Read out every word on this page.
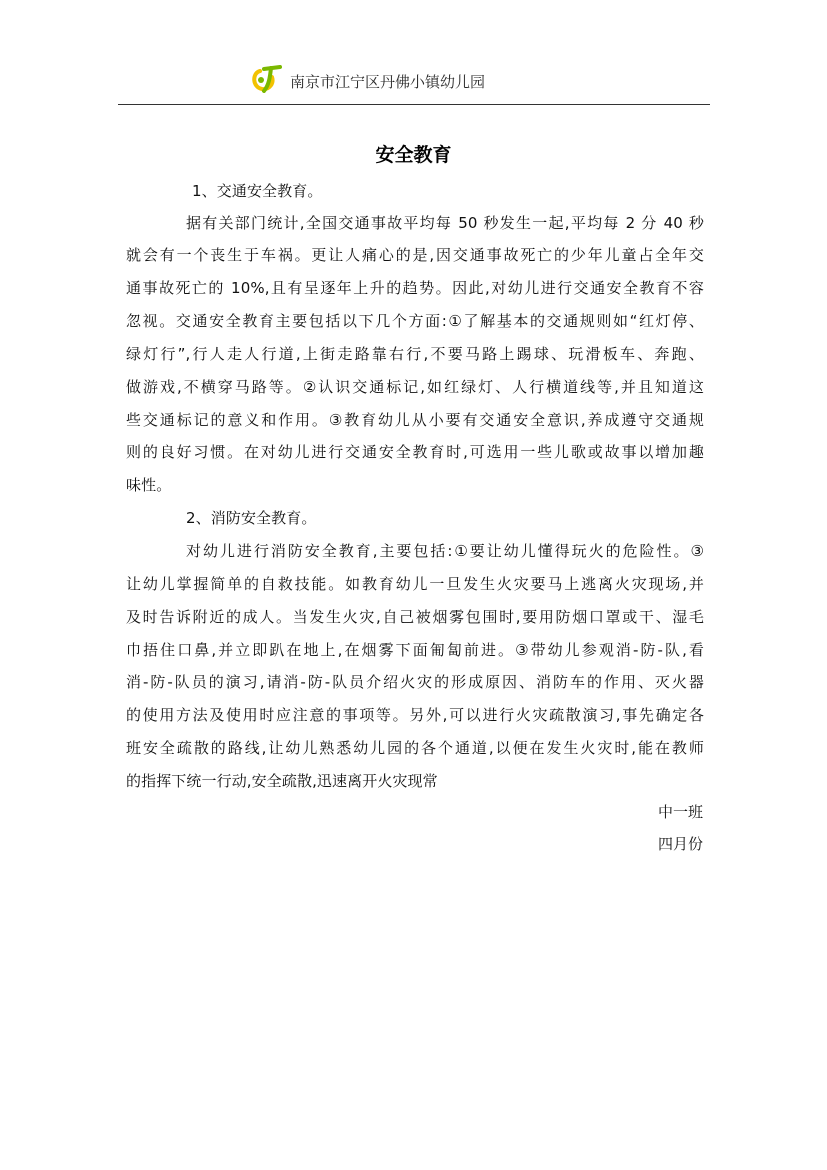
南京市江宁区丹佛小镇幼儿园
安全教育
1、交通安全教育。
据有关部门统计,全国交通事故平均每 50 秒发生一起,平均每 2 分 40 秒
就会有一个丧生于车祸。更让人痛心的是,因交通事故死亡的少年儿童占全年交
通事故死亡的 10%,且有呈逐年上升的趋势。因此,对幼儿进行交通安全教育不容
忽视。交通安全教育主要包括以下几个方面:①了解基本的交通规则如“红灯停、
绿灯行”,行人走人行道,上街走路靠右行,不要马路上踢球、玩滑板车、奔跑、
做游戏,不横穿马路等。②认识交通标记,如红绿灯、人行横道线等,并且知道这
些交通标记的意义和作用。③教育幼儿从小要有交通安全意识,养成遵守交通规
则的良好习惯。在对幼儿进行交通安全教育时,可选用一些儿歌或故事以增加趣
味性。
2、消防安全教育。
对幼儿进行消防安全教育,主要包括:①要让幼儿懂得玩火的危险性。③
让幼儿掌握简单的自救技能。如教育幼儿一旦发生火灾要马上逃离火灾现场,并
及时告诉附近的成人。当发生火灾,自己被烟雾包围时,要用防烟口罩或干、湿毛
巾捂住口鼻,并立即趴在地上,在烟雾下面匍匐前进。③带幼儿参观消-防-队,看
消-防-队员的演习,请消-防-队员介绍火灾的形成原因、消防车的作用、灭火器
的使用方法及使用时应注意的事项等。另外,可以进行火灾疏散演习,事先确定各
班安全疏散的路线,让幼儿熟悉幼儿园的各个通道,以便在发生火灾时,能在教师
的指挥下统一行动,安全疏散,迅速离开火灾现常
中一班
四月份
